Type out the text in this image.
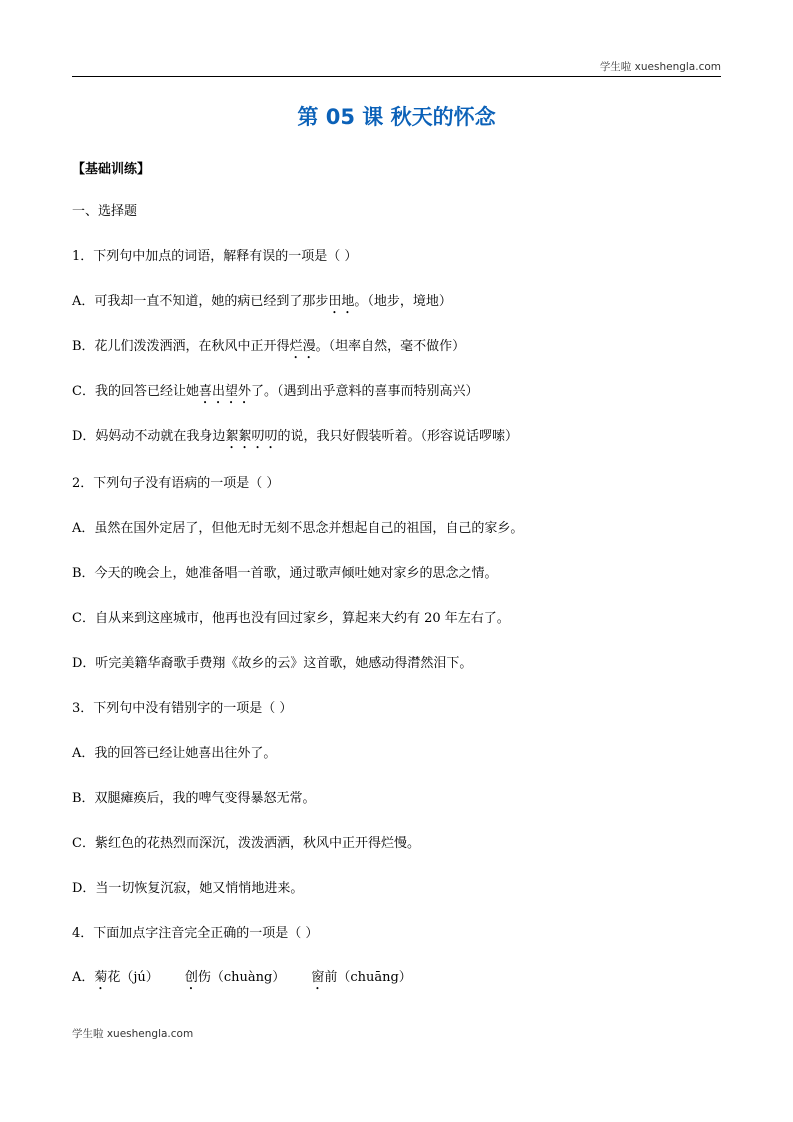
学生啦 xueshengla.com
第 05 课 秋天的怀念
【基础训练】
一、选择题
1．下列句中加点的词语，解释有误的一项是（ ）
A．可我却一直不知道，她的病已经到了那步田地。（地步，境地）
B．花儿们泼泼洒洒，在秋风中正开得烂漫。（坦率自然，毫不做作）
C．我的回答已经让她喜出望外了。（遇到出乎意料的喜事而特别高兴）
D．妈妈动不动就在我身边絮絮叨叨的说，我只好假装听着。（形容说话啰嗦）
2．下列句子没有语病的一项是（ ）
A．虽然在国外定居了，但他无时无刻不思念并想起自己的祖国，自己的家乡。
B．今天的晚会上，她准备唱一首歌，通过歌声倾吐她对家乡的思念之情。
C．自从来到这座城市，他再也没有回过家乡，算起来大约有 20 年左右了。
D．听完美籍华裔歌手费翔《故乡的云》这首歌，她感动得潸然泪下。
3．下列句中没有错别字的一项是（ ）
A．我的回答已经让她喜出往外了。
B．双腿瘫痪后，我的啤气变得暴怒无常。
C．紫红色的花热烈而深沉，泼泼洒洒，秋风中正开得烂慢。
D．当一切恢复沉寂，她又悄悄地进来。
4．下面加点字注音完全正确的一项是（ ）
A．菊花（jú） 创伤（chuàng） 窗前（chuāng）
学生啦 xueshengla.com
